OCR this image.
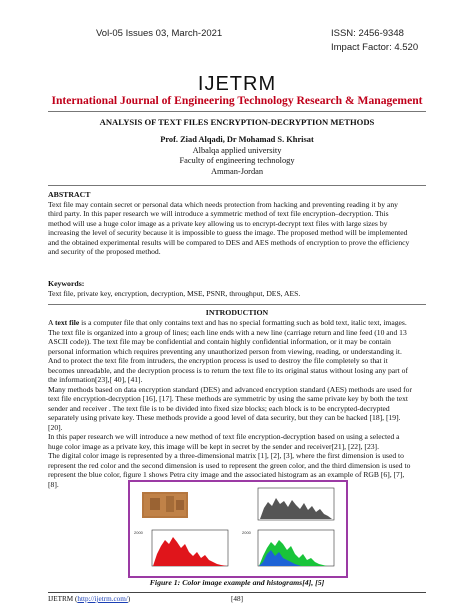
Vol-05 Issues 03, March-2021	ISSN: 2456-9348
Impact Factor: 4.520
IJETRM
International Journal of Engineering Technology Research & Management
ANALYSIS OF TEXT FILES ENCRYPTION-DECRYPTION METHODS
Prof. Ziad Alqadi, Dr Mohamad S. Khrisat
Albalqa applied university
Faculty of engineering technology
Amman-Jordan
ABSTRACT
Text file may contain secret or personal data which needs protection from hacking and preventing reading it by any
third party. In this paper research we will introduce a symmetric method of text file encryption–decryption. This
method will use a huge color image as a private key allowing us to encrypt-decrypt text files with large sizes by
increasing the level of security because it is impossible to guess the image. The proposed method will be implemented
and the obtained experimental results will be compared to DES and AES methods of encryption to prove the efficiency
and security of the proposed method.
Keywords:
Text file, private key, encryption, decryption, MSE, PSNR, throughput, DES, AES.
INTRODUCTION
A text file is a computer file that only contains text and has no special formatting such as bold text, italic text, images.
The text file is organized into a group of lines; each line ends with a new line (carriage return and line feed (10 and 13
ASCII code)). The text file may be confidential and contain highly confidential information, or it may be contain
personal information which requires preventing any unauthorized person from viewing, reading, or understanding it.
And to protect the text file from intruders, the encryption process is used to destroy the file completely so that it
becomes unreadable, and the decryption process is to return the text file to its original status without losing any part of
the information[23],[ 40], [41].
Many methods based on data encryption standard (DES) and advanced encryption standard (AES) methods are used for
text file encryption-decryption [16], [17]. These methods are symmetric by using the same private key by both the text
sender and receiver . The text file is to be divided into fixed size blocks; each block is to be encrypted-decrypted
separately using private key. These methods provide a good level of data security, but they can be hacked [18], [19].
[20].
In this paper research we will introduce a new method of text file encryption-decryption based on using a selected a
huge color image as a private key, this image will be kept in secret by the sender and receiver[21], [22], [23].
The digital color image is represented by a three-dimensional matrix [1], [2], [3], where the first dimension is used to
represent the red color and the second dimension is used to represent the green color, and the third dimension is used to
represent the blue color, figure 1 shows Petra city image and the associated histogram as an example of RGB [6], [7],
[8].
2000	2000
Figure 1: Color image example and histograms[4], [5]
IJETRM (http://ijetrm.com/)	[48]
